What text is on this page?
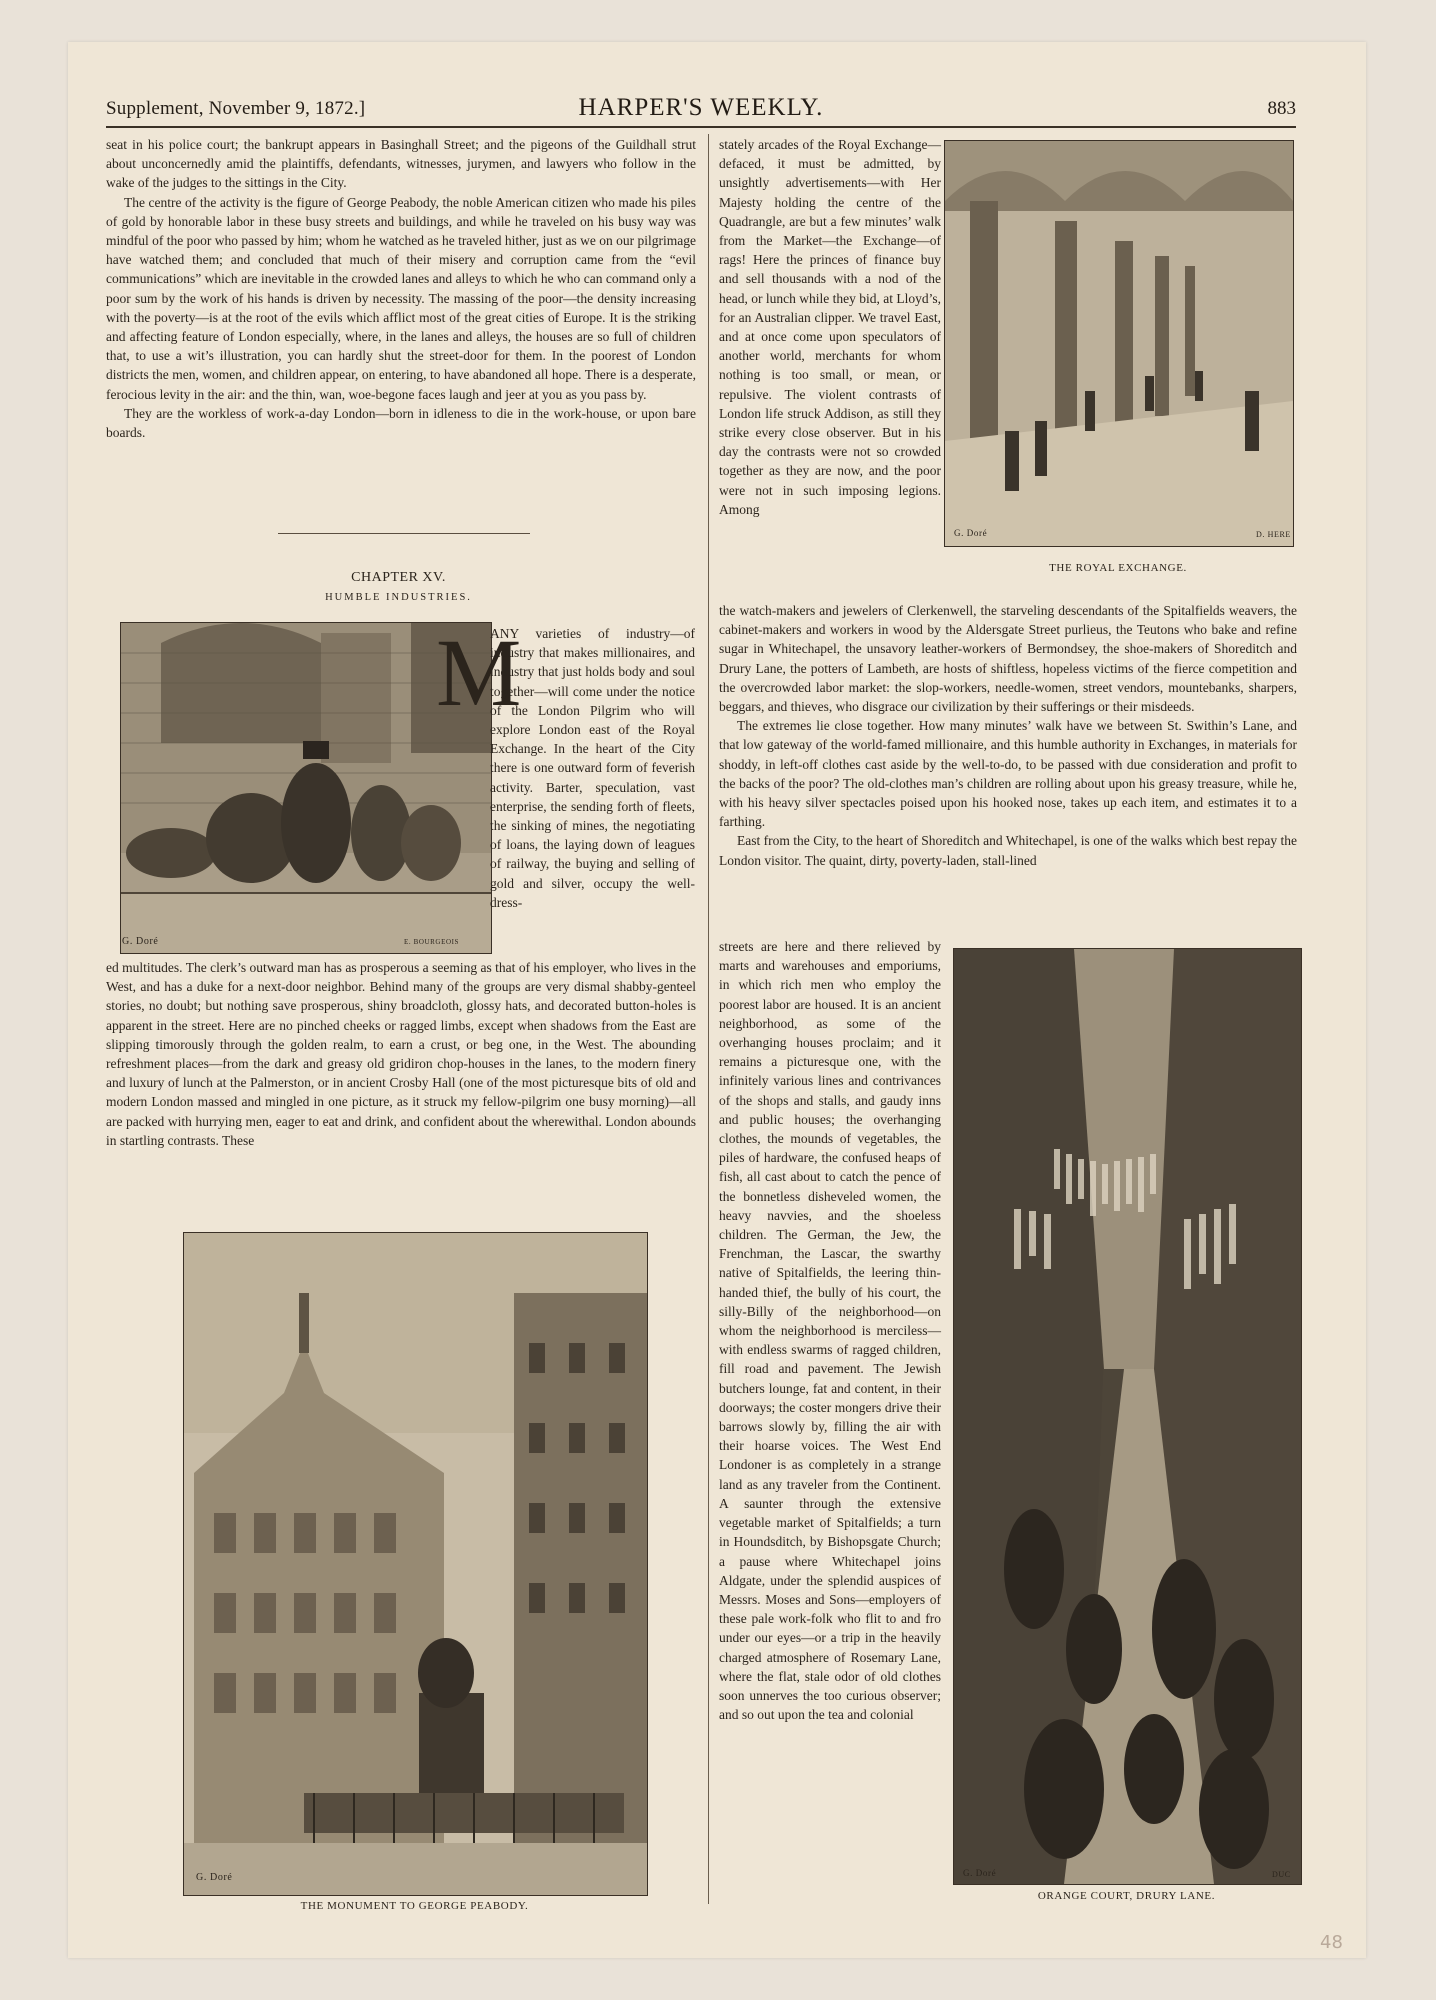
Supplement, November 9, 1872.]	HARPER'S WEEKLY.	883

seat in his police court; the bankrupt appears in Basinghall Street; and the pigeons of the Guildhall strut about unconcernedly amid the plaintiffs, defendants, witnesses, jurymen, and lawyers who follow in the wake of the judges to the sittings in the City.

The centre of the activity is the figure of George Peabody, the noble American citizen who made his piles of gold by honorable labor in these busy streets and buildings, and while he traveled on his busy way was mindful of the poor who passed by him; whom he watched as he traveled hither, just as we on our pilgrimage have watched them; and concluded that much of their misery and corruption came from the “evil communications” which are inevitable in the crowded lanes and alleys to which he who can command only a poor sum by the work of his hands is driven by necessity. The massing of the poor—the density increasing with the poverty—is at the root of the evils which afflict most of the great cities of Europe. It is the striking and affecting feature of London especially, where, in the lanes and alleys, the houses are so full of children that, to use a wit’s illustration, you can hardly shut the street-door for them. In the poorest of London districts the men, women, and children appear, on entering, to have abandoned all hope. There is a desperate, ferocious levity in the air: and the thin, wan, woe-begone faces laugh and jeer at you as you pass by.

They are the workless of work-a-day London—born in idleness to die in the work-house, or upon bare boards.

CHAPTER XV.
HUMBLE INDUSTRIES.
G. Doré	E. BOURGEOIS
M

ANY varieties of industry—of industry that makes millionaires, and industry that just holds body and soul together—will come under the notice of the London Pilgrim who will explore London east of the Royal Exchange. In the heart of the City there is one outward form of feverish activity. Barter, speculation, vast enterprise, the sending forth of fleets, the sinking of mines, the negotiating of loans, the laying down of leagues of railway, the buying and selling of gold and silver, occupy the well-dress-

ed multitudes. The clerk’s outward man has as prosperous a seeming as that of his employer, who lives in the West, and has a duke for a next-door neighbor. Behind many of the groups are very dismal shabby-genteel stories, no doubt; but nothing save prosperous, shiny broadcloth, glossy hats, and decorated button-holes is apparent in the street. Here are no pinched cheeks or ragged limbs, except when shadows from the East are slipping timorously through the golden realm, to earn a crust, or beg one, in the West. The abounding refreshment places—from the dark and greasy old gridiron chop-houses in the lanes, to the modern finery and luxury of lunch at the Palmerston, or in ancient Crosby Hall (one of the most picturesque bits of old and modern London massed and mingled in one picture, as it struck my fellow-pilgrim one busy morning)—all are packed with hurrying men, eager to eat and drink, and confident about the wherewithal. London abounds in startling contrasts. These

G. Doré
THE MONUMENT TO GEORGE PEABODY.

stately arcades of the Royal Exchange—defaced, it must be admitted, by unsightly advertisements—with Her Majesty holding the centre of the Quadrangle, are but a few minutes’ walk from the Market—the Exchange—of rags! Here the princes of finance buy and sell thousands with a nod of the head, or lunch while they bid, at Lloyd’s, for an Australian clipper. We travel East, and at once come upon speculators of another world, merchants for whom nothing is too small, or mean, or repulsive. The violent contrasts of London life struck Addison, as still they strike every close observer. But in his day the contrasts were not so crowded together as they are now, and the poor were not in such imposing legions. Among

G. Doré	D. HERE
THE ROYAL EXCHANGE.

the watch-makers and jewelers of Clerkenwell, the starveling descendants of the Spitalfields weavers, the cabinet-makers and workers in wood by the Aldersgate Street purlieus, the Teutons who bake and refine sugar in Whitechapel, the unsavory leather-workers of Bermondsey, the shoe-makers of Shoreditch and Drury Lane, the potters of Lambeth, are hosts of shiftless, hopeless victims of the fierce competition and the overcrowded labor market: the slop-workers, needle-women, street vendors, mountebanks, sharpers, beggars, and thieves, who disgrace our civilization by their sufferings or their misdeeds.

The extremes lie close together. How many minutes’ walk have we between St. Swithin’s Lane, and that low gateway of the world-famed millionaire, and this humble authority in Exchanges, in materials for shoddy, in left-off clothes cast aside by the well-to-do, to be passed with due consideration and profit to the backs of the poor? The old-clothes man’s children are rolling about upon his greasy treasure, while he, with his heavy silver spectacles poised upon his hooked nose, takes up each item, and estimates it to a farthing.

East from the City, to the heart of Shoreditch and Whitechapel, is one of the walks which best repay the London visitor. The quaint, dirty, poverty-laden, stall-lined

streets are here and there relieved by marts and warehouses and emporiums, in which rich men who employ the poorest labor are housed. It is an ancient neighborhood, as some of the overhanging houses proclaim; and it remains a picturesque one, with the infinitely various lines and contrivances of the shops and stalls, and gaudy inns and public houses; the overhanging clothes, the mounds of vegetables, the piles of hardware, the confused heaps of fish, all cast about to catch the pence of the bonnetless disheveled women, the heavy navvies, and the shoeless children. The German, the Jew, the Frenchman, the Lascar, the swarthy native of Spitalfields, the leering thin-handed thief, the bully of his court, the silly-Billy of the neighborhood—on whom the neighborhood is merciless—with endless swarms of ragged children, fill road and pavement. The Jewish butchers lounge, fat and content, in their doorways; the coster mongers drive their barrows slowly by, filling the air with their hoarse voices. The West End Londoner is as completely in a strange land as any traveler from the Continent. A saunter through the extensive vegetable market of Spitalfields; a turn in Houndsditch, by Bishopsgate Church; a pause where Whitechapel joins Aldgate, under the splendid auspices of Messrs. Moses and Sons—employers of these pale work-folk who flit to and fro under our eyes—or a trip in the heavily charged atmosphere of Rosemary Lane, where the flat, stale odor of old clothes soon unnerves the too curious observer; and so out upon the tea and colonial

G. Doré	DUC
ORANGE COURT, DRURY LANE.
48
